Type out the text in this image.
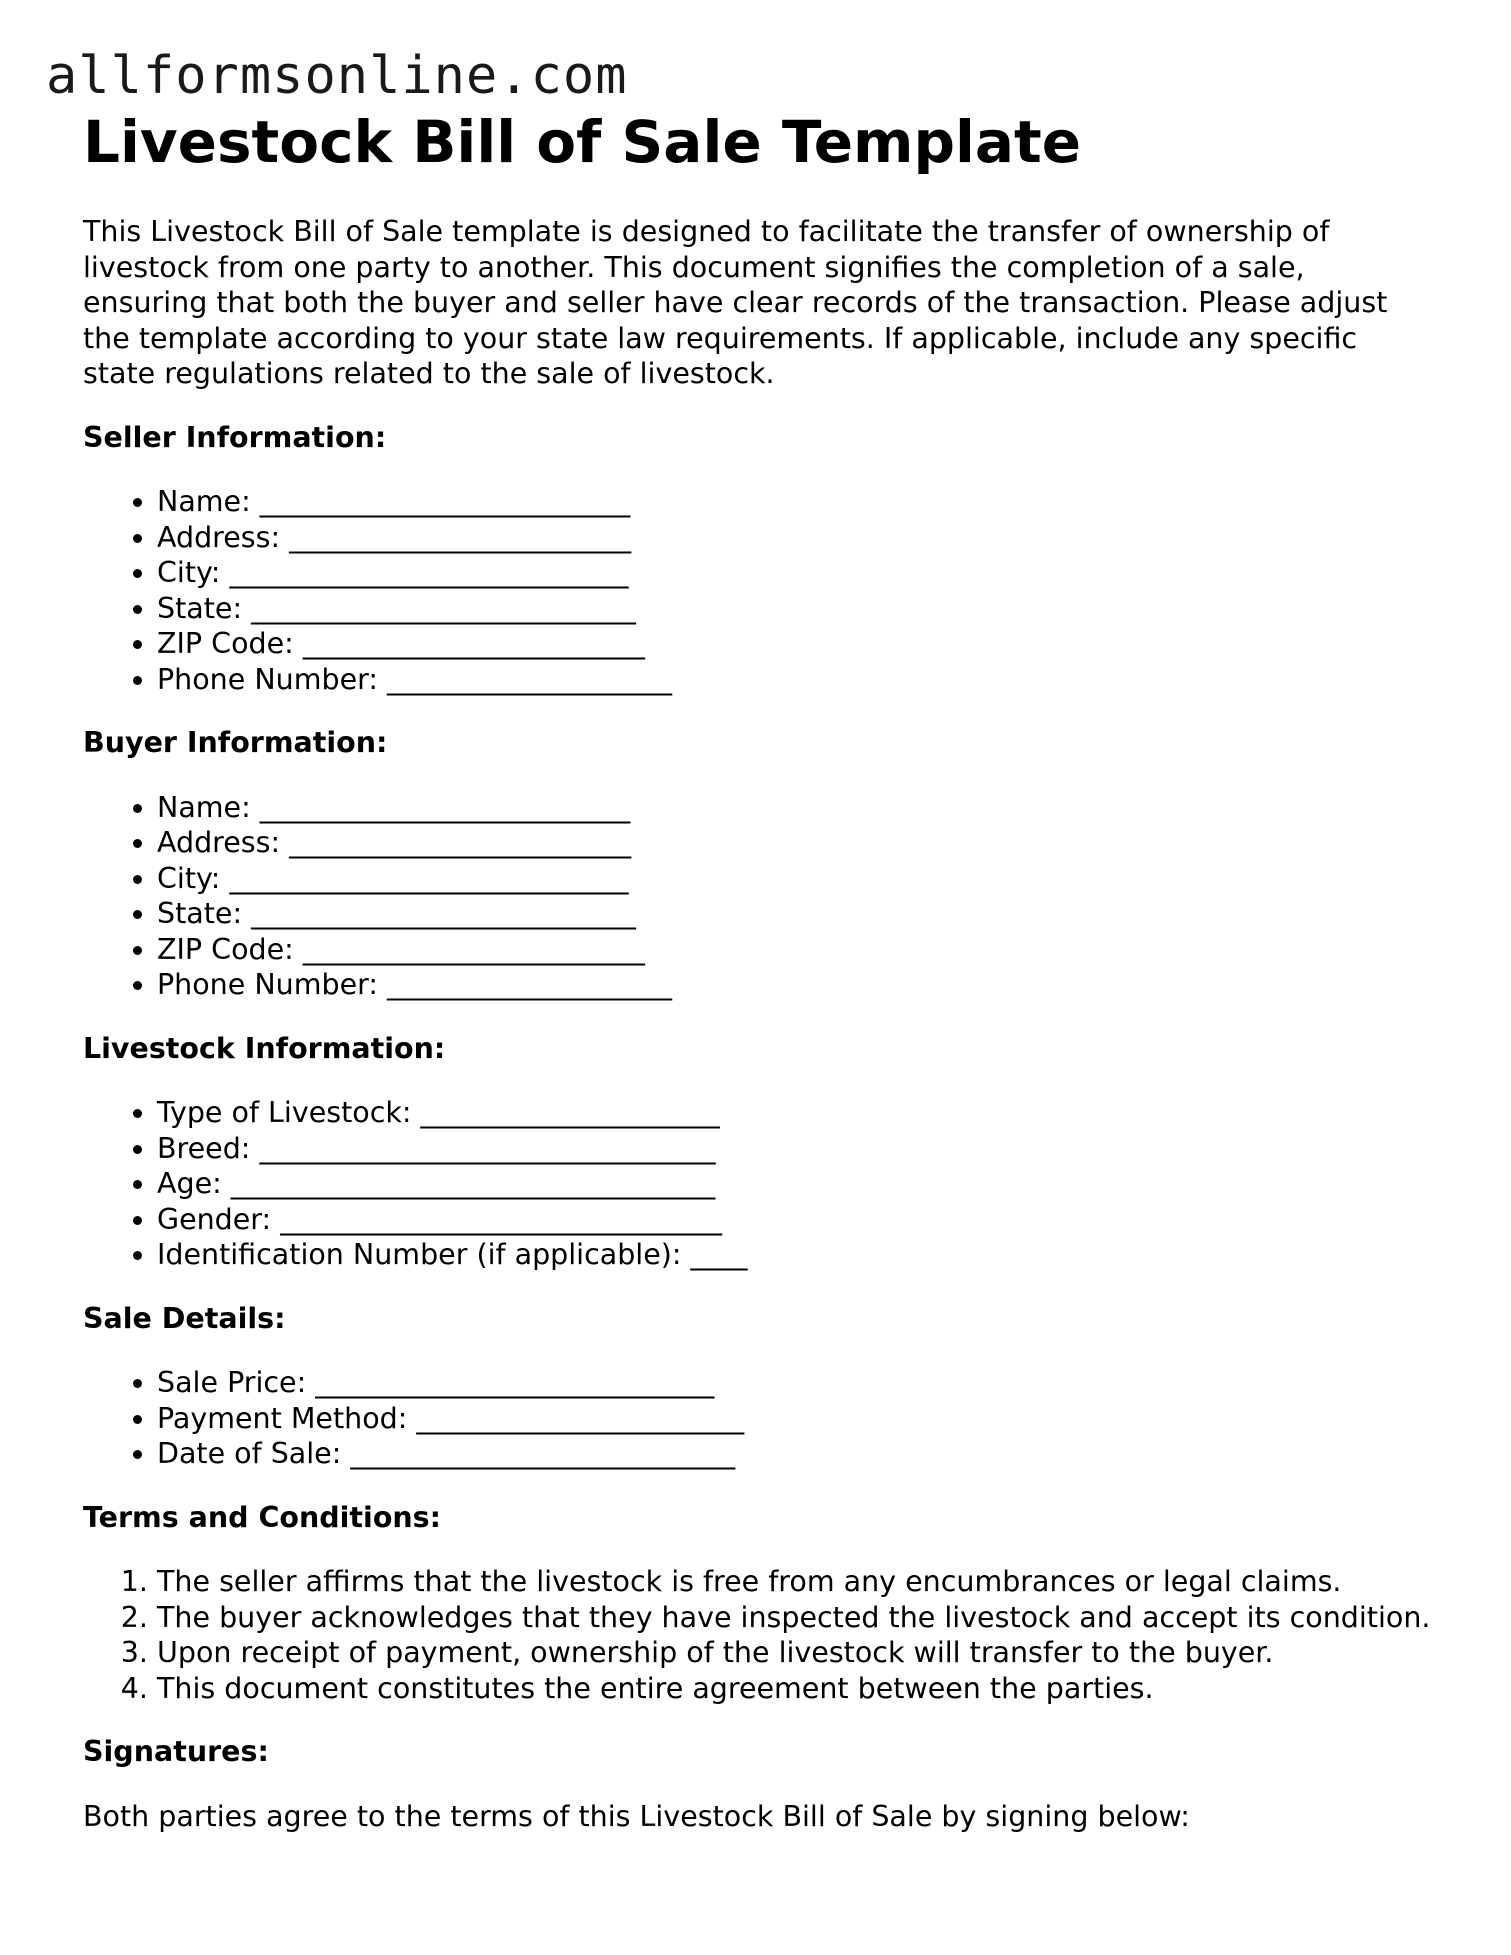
allformsonline.com
Livestock Bill of Sale Template

This Livestock Bill of Sale template is designed to facilitate the transfer of ownership of livestock from one party to another. This document signifies the completion of a sale, ensuring that both the buyer and seller have clear records of the transaction. Please adjust the template according to your state law requirements. If applicable, include any specific state regulations related to the sale of livestock.

Seller Information:
• Name: __________________________
• Address: ________________________
• City: ____________________________
• State: ___________________________
• ZIP Code: ________________________
• Phone Number: ____________________
Buyer Information:
• Name: __________________________
• Address: ________________________
• City: ____________________________
• State: ___________________________
• ZIP Code: ________________________
• Phone Number: ____________________
Livestock Information:
• Type of Livestock: _____________________
• Breed: ________________________________
• Age: __________________________________
• Gender: _______________________________
• Identification Number (if applicable): ____
Sale Details:
• Sale Price: ____________________________
• Payment Method: _______________________
• Date of Sale: ___________________________
Terms and Conditions:
1. The seller affirms that the livestock is free from any encumbrances or legal claims.
2. The buyer acknowledges that they have inspected the livestock and accept its condition.
3. Upon receipt of payment, ownership of the livestock will transfer to the buyer.
4. This document constitutes the entire agreement between the parties.
Signatures:

Both parties agree to the terms of this Livestock Bill of Sale by signing below:
